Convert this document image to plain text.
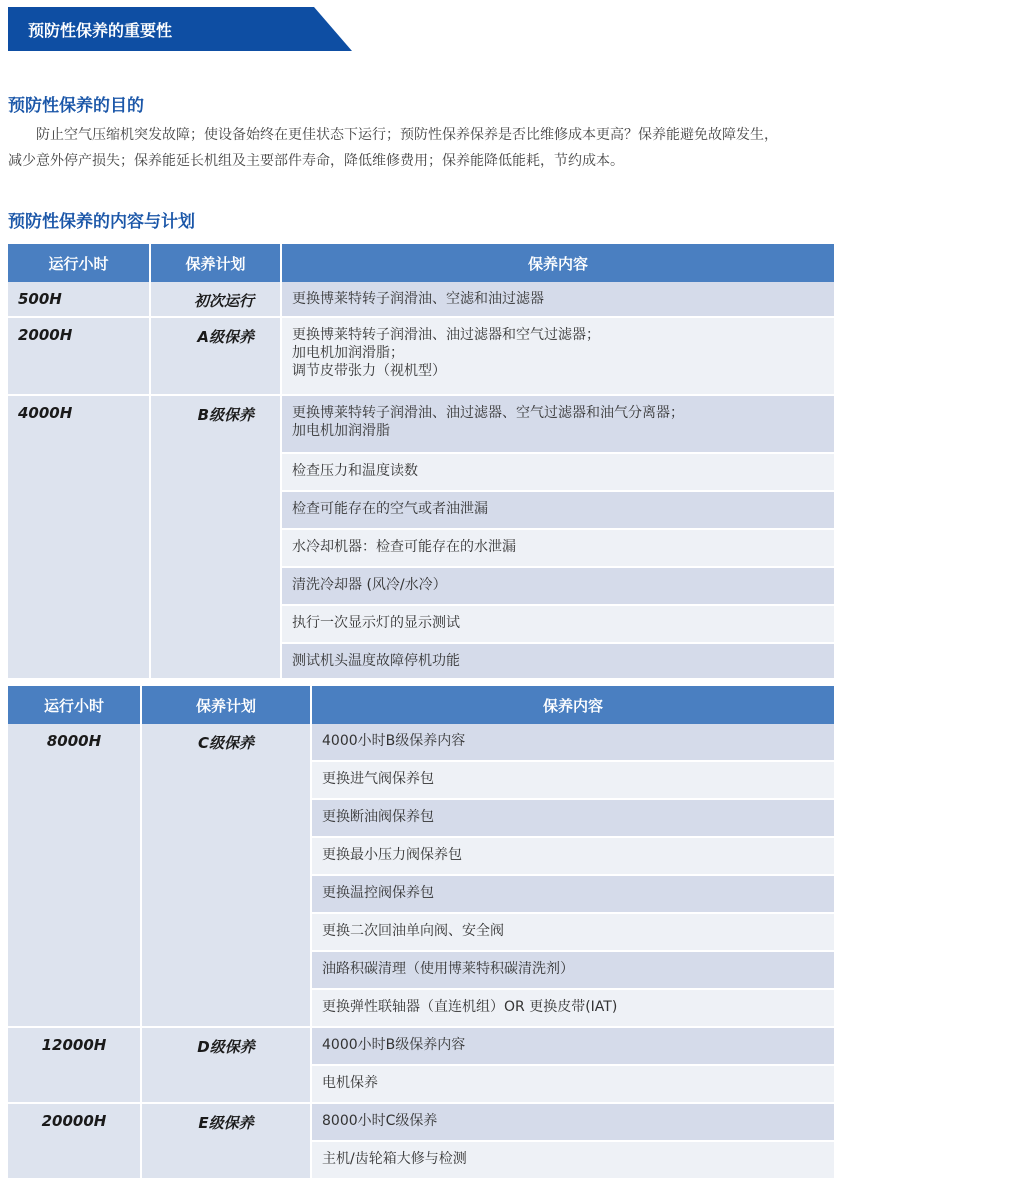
预防性保养的重要性
预防性保养的目的
防止空气压缩机突发故障；使设备始终在更佳状态下运行；预防性保养保养是否比维修成本更高？保养能避免故障发生，
减少意外停产损失；保养能延长机组及主要部件寿命，降低维修费用；保养能降低能耗，节约成本。
预防性保养的内容与计划
运行小时	保养计划	保养内容
500H	初次运行	更换博莱特转子润滑油、空滤和油过滤器
2000H	A级保养	更换博莱特转子润滑油、油过滤器和空气过滤器；
加电机加润滑脂；
调节皮带张力（视机型）

4000H	B级保养	更换博莱特转子润滑油、油过滤器、空气过滤器和油气分离器；
加电机加润滑脂

		检查压力和温度读数
		检查可能存在的空气或者油泄漏
		水冷却机器：检查可能存在的水泄漏
		清洗冷却器 (风冷/水冷）
		执行一次显示灯的显示测试
		测试机头温度故障停机功能
运行小时	保养计划	保养内容
8000H	C级保养	4000小时B级保养内容
		更换进气阀保养包
		更换断油阀保养包
		更换最小压力阀保养包
		更换温控阀保养包
		更换二次回油单向阀、安全阀
		油路积碳清理（使用博莱特积碳清洗剂）
		更换弹性联轴器（直连机组）OR 更换皮带(IAT)
12000H	D级保养	4000小时B级保养内容
		电机保养
20000H	E级保养	8000小时C级保养
		主机/齿轮箱大修与检测
